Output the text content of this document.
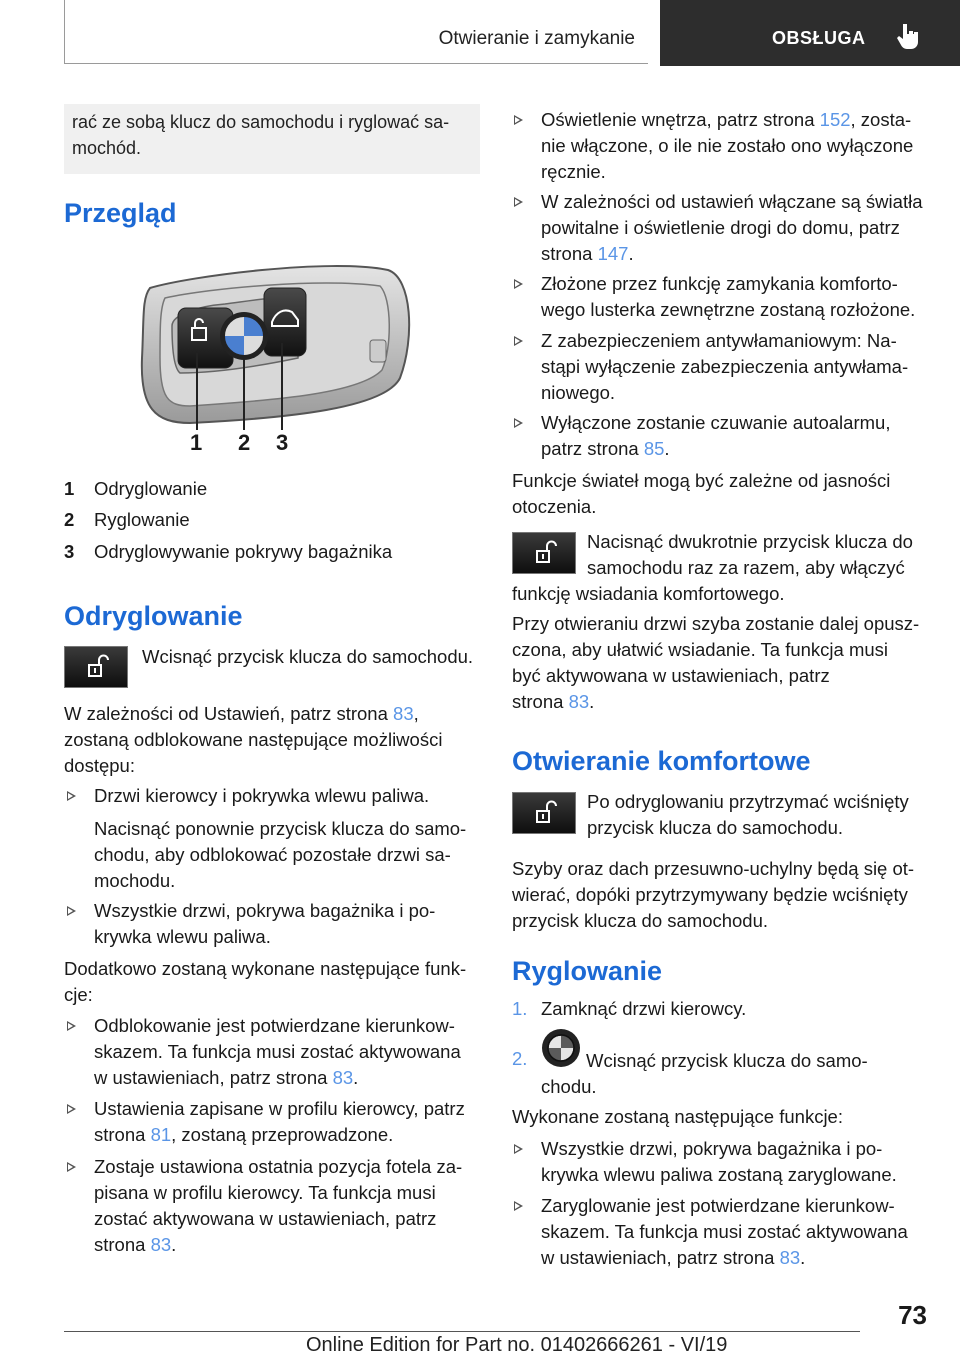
Otwieranie i zamykanie	OBSŁUGA
rać ze sobą klucz do samochodu i ryglować sa-mochód.
Przegląd
1 2 3
1 Odryglowanie
2 Ryglowanie
3 Odryglowywanie pokrywy bagażnika
Odryglowanie
Wcisnąć przycisk klucza do samochodu.
W zależności od Ustawień, patrz strona 83,
zostaną odblokowane następujące możliwości
dostępu:
Drzwi kierowcy i pokrywka wlewu paliwa.
Nacisnąć ponownie przycisk klucza do samo-
chodu, aby odblokować pozostałe drzwi sa-
mochodu.
Wszystkie drzwi, pokrywa bagażnika i po-
krywka wlewu paliwa.
Dodatkowo zostaną wykonane następujące funk-
cje:
Odblokowanie jest potwierdzane kierunkow-
skazem. Ta funkcja musi zostać aktywowana
w ustawieniach, patrz strona 83.
Ustawienia zapisane w profilu kierowcy, patrz
strona 81, zostaną przeprowadzone.
Zostaje ustawiona ostatnia pozycja fotela za-
pisana w profilu kierowcy. Ta funkcja musi
zostać aktywowana w ustawieniach, patrz
strona 83.
Oświetlenie wnętrza, patrz strona 152, zosta-
nie włączone, o ile nie zostało ono wyłączone
ręcznie.
W zależności od ustawień włączane są światła
powitalne i oświetlenie drogi do domu, patrz
strona 147.
Złożone przez funkcję zamykania komforto-
wego lusterka zewnętrzne zostaną rozłożone.
Z zabezpieczeniem antywłamaniowym: Na-
stąpi wyłączenie zabezpieczenia antywłama-
niowego.
Wyłączone zostanie czuwanie autoalarmu,
patrz strona 85.
Funkcje świateł mogą być zależne od jasności
otoczenia.
Nacisnąć dwukrotnie przycisk klucza do
samochodu raz za razem, aby włączyć
funkcję wsiadania komfortowego.
Przy otwieraniu drzwi szyba zostanie dalej opusz-
czona, aby ułatwić wsiadanie. Ta funkcja musi
być aktywowana w ustawieniach, patrz
strona 83.
Otwieranie komfortowe
Po odryglowaniu przytrzymać wciśnięty
przycisk klucza do samochodu.
Szyby oraz dach przesuwno-uchylny będą się ot-
wierać, dopóki przytrzymywany będzie wciśnięty
przycisk klucza do samochodu.
Ryglowanie
1. Zamknąć drzwi kierowcy.
2.	Wcisnąć przycisk klucza do samo-
chodu.
Wykonane zostaną następujące funkcje:
Wszystkie drzwi, pokrywa bagażnika i po-
krywka wlewu paliwa zostaną zaryglowane.
Zaryglowanie jest potwierdzane kierunkow-
skazem. Ta funkcja musi zostać aktywowana
w ustawieniach, patrz strona 83.
73
Online Edition for Part no. 01402666261 - VI/19
